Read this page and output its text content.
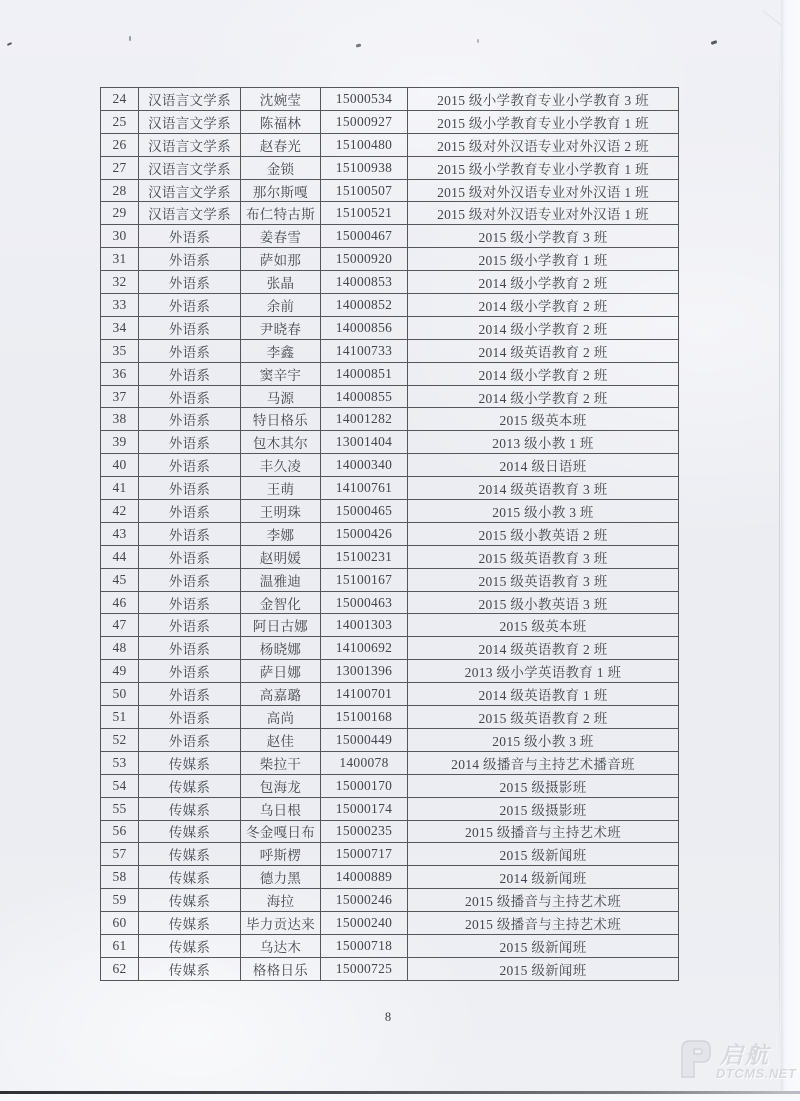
24	汉语言文学系	沈婉莹	15000534	2015 级小学教育专业小学教育 3 班
25	汉语言文学系	陈福林	15000927	2015 级小学教育专业小学教育 1 班
26	汉语言文学系	赵春光	15100480	2015 级对外汉语专业对外汉语 2 班
27	汉语言文学系	金锁	15100938	2015 级小学教育专业小学教育 1 班
28	汉语言文学系	那尔斯嘎	15100507	2015 级对外汉语专业对外汉语 1 班
29	汉语言文学系	布仁特古斯	15100521	2015 级对外汉语专业对外汉语 1 班
30	外语系	姜春雪	15000467	2015 级小学教育 3 班
31	外语系	萨如那	15000920	2015 级小学教育 1 班
32	外语系	张晶	14000853	2014 级小学教育 2 班
33	外语系	余前	14000852	2014 级小学教育 2 班
34	外语系	尹晓春	14000856	2014 级小学教育 2 班
35	外语系	李鑫	14100733	2014 级英语教育 2 班
36	外语系	窦辛宇	14000851	2014 级小学教育 2 班
37	外语系	马源	14000855	2014 级小学教育 2 班
38	外语系	特日格乐	14001282	2015 级英本班
39	外语系	包木其尔	13001404	2013 级小教 1 班
40	外语系	丰久凌	14000340	2014 级日语班
41	外语系	王萌	14100761	2014 级英语教育 3 班
42	外语系	王明珠	15000465	2015 级小教 3 班
43	外语系	李娜	15000426	2015 级小教英语 2 班
44	外语系	赵明媛	15100231	2015 级英语教育 3 班
45	外语系	温雅迪	15100167	2015 级英语教育 3 班
46	外语系	金智化	15000463	2015 级小教英语 3 班
47	外语系	阿日古娜	14001303	2015 级英本班
48	外语系	杨晓娜	14100692	2014 级英语教育 2 班
49	外语系	萨日娜	13001396	2013 级小学英语教育 1 班
50	外语系	高嘉璐	14100701	2014 级英语教育 1 班
51	外语系	高尚	15100168	2015 级英语教育 2 班
52	外语系	赵佳	15000449	2015 级小教 3 班
53	传媒系	柴拉干	1400078	2014 级播音与主持艺术播音班
54	传媒系	包海龙	15000170	2015 级摄影班
55	传媒系	乌日根	15000174	2015 级摄影班
56	传媒系	冬金嘎日布	15000235	2015 级播音与主持艺术班
57	传媒系	呼斯楞	15000717	2015 级新闻班
58	传媒系	德力黑	14000889	2014 级新闻班
59	传媒系	海拉	15000246	2015 级播音与主持艺术班
60	传媒系	毕力贡达来	15000240	2015 级播音与主持艺术班
61	传媒系	乌达木	15000718	2015 级新闻班
62	传媒系	格格日乐	15000725	2015 级新闻班
8
启航
DTCMS.NET
